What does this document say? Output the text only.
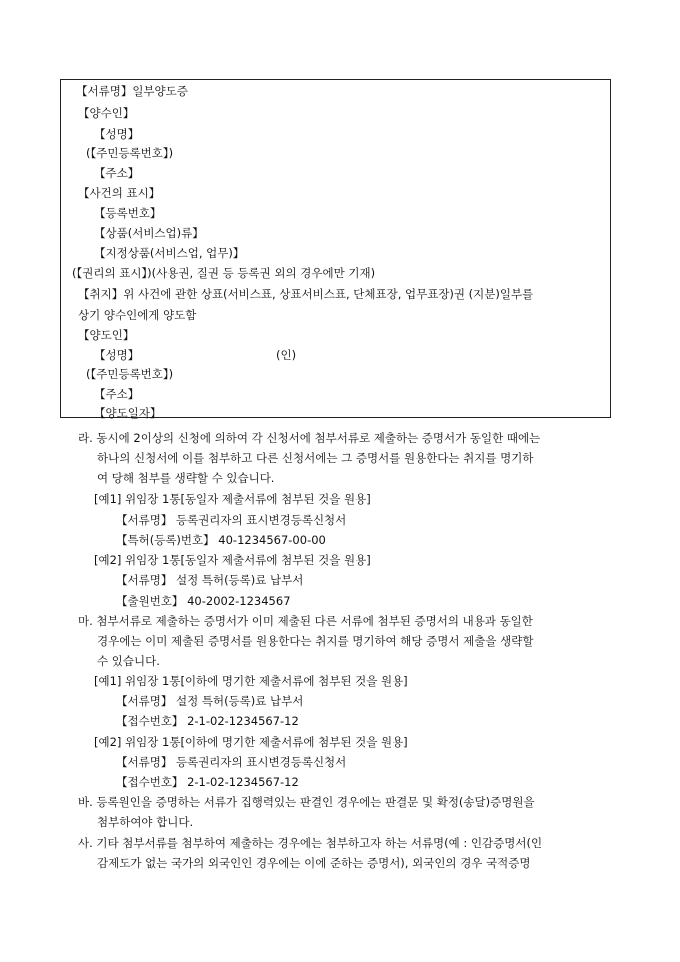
【서류명】일부양도증
【양수인】
【성명】
(【주민등록번호】)
【주소】
【사건의 표시】
【등록번호】
【상품(서비스업)류】
【지정상품(서비스업, 업무)】
(【권리의 표시】)(사용권, 질권 등 등록권 외의 경우에만 기재)
【취지】위 사건에 관한 상표(서비스표, 상표서비스표, 단체표장, 업무표장)권 (지분)일부를
상기 양수인에게 양도함
【양도인】
【성명】	(인)
(【주민등록번호】)
【주소】
【양도일자】
라. 동시에 2이상의 신청에 의하여 각 신청서에 첨부서류로 제출하는 증명서가 동일한 때에는
하나의 신청서에 이를 첨부하고 다른 신청서에는 그 증명서를 원용한다는 취지를 명기하
여 당해 첨부를 생략할 수 있습니다.
[예1] 위임장 1통[동일자 제출서류에 첨부된 것을 원용]
【서류명】 등록권리자의 표시변경등록신청서
【특허(등록)번호】 40-1234567-00-00
[예2] 위임장 1통[동일자 제출서류에 첨부된 것을 원용]
【서류명】 설정 특허(등록)료 납부서
【출원번호】 40-2002-1234567
마. 첨부서류로 제출하는 증명서가 이미 제출된 다른 서류에 첨부된 증명서의 내용과 동일한
경우에는 이미 제출된 증명서를 원용한다는 취지를 명기하여 해당 증명서 제출을 생략할
수 있습니다.
[예1] 위임장 1통[이하에 명기한 제출서류에 첨부된 것을 원용]
【서류명】 설정 특허(등록)료 납부서
【접수번호】 2-1-02-1234567-12
[예2] 위임장 1통[이하에 명기한 제출서류에 첨부된 것을 원용]
【서류명】 등록권리자의 표시변경등록신청서
【접수번호】 2-1-02-1234567-12
바. 등록원인을 증명하는 서류가 집행력있는 판결인 경우에는 판결문 및 확정(송달)증명원을
첨부하여야 합니다.
사. 기타 첨부서류를 첨부하여 제출하는 경우에는 첨부하고자 하는 서류명(예 : 인감증명서(인
감제도가 없는 국가의 외국인인 경우에는 이에 준하는 증명서), 외국인의 경우 국적증명
